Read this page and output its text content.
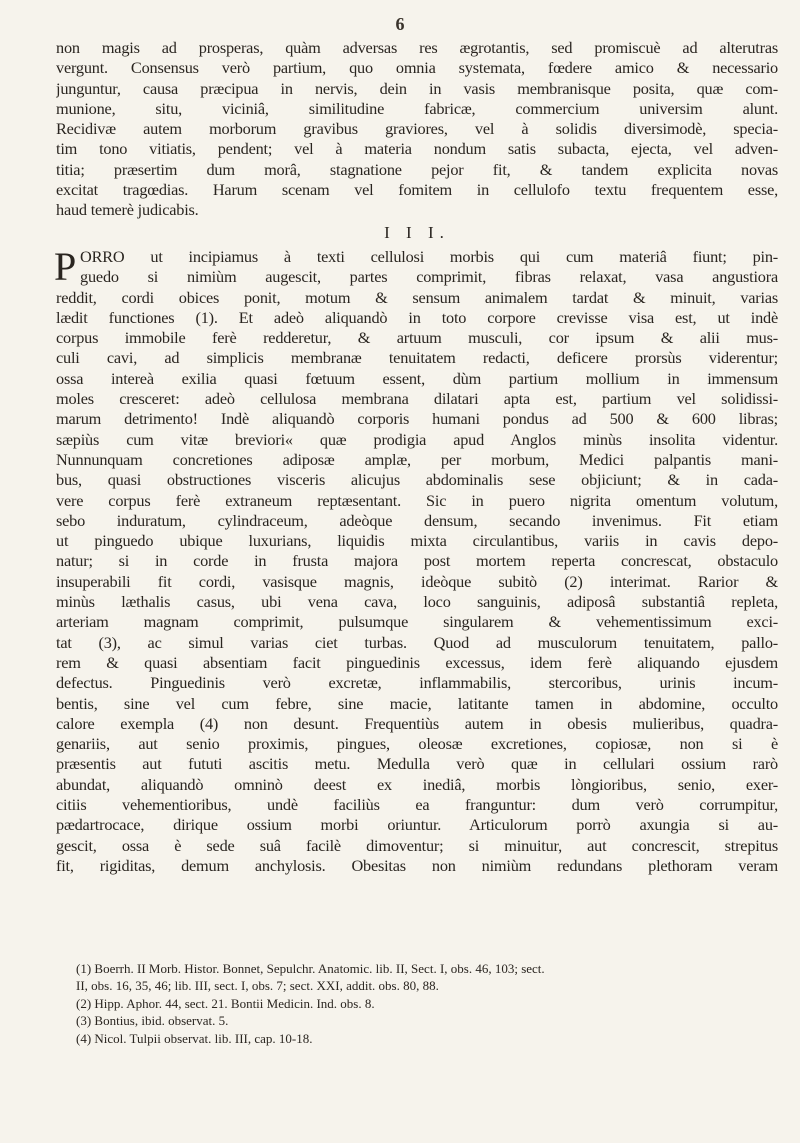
6
non magis ad prosperas, quàm adversas res ægrotantis, sed promiscuè ad alterutras
vergunt. Consensus verò partium, quo omnia systemata, fœdere amico & necessario
junguntur, causa præcipua in nervis, dein in vasis membranisque posita, quæ com-
munione, situ, viciniâ, similitudine fabricæ, commercium universim alunt.
Recidivæ autem morborum gravibus graviores, vel à solidis diversimodè, specia-
tim tono vitiatis, pendent; vel à materia nondum satis subacta, ejecta, vel adven-
titia; præsertim dum morâ, stagnatione pejor fit, & tandem explicita novas
excitat tragœdias. Harum scenam vel fomitem in cellulofo textu frequentem esse,
haud temerè judicabis.
I I I.
P ORRO ut incipiamus à texti cellulosi morbis qui cum materiâ fiunt; pin-
guedo si nimiùm augescit, partes comprimit, fibras relaxat, vasa angustiora
reddit, cordi obices ponit, motum & sensum animalem tardat & minuit, varias
lædit functiones (1). Et adeò aliquandò in toto corpore crevisse visa est, ut indè
corpus immobile ferè redderetur, & artuum musculi, cor ipsum & alii mus-
culi cavi, ad simplicis membranæ tenuitatem redacti, deficere prorsùs viderentur;
ossa intereà exilia quasi fœtuum essent, dùm partium mollium in immensum
moles cresceret: adeò cellulosa membrana dilatari apta est, partium vel solidissi-
marum detrimento! Indè aliquandò corporis humani pondus ad 500 & 600 libras;
sæpiùs cum vitæ breviori« quæ prodigia apud Anglos minùs insolita videntur.
Nunnunquam concretiones adiposæ amplæ, per morbum, Medici palpantis mani-
bus, quasi obstructiones visceris alicujus abdominalis sese objiciunt; & in cada-
vere corpus ferè extraneum reptæsentant. Sic in puero nigrita omentum volutum,
sebo induratum, cylindraceum, adeòque densum, secando invenimus. Fit etiam
ut pinguedo ubique luxurians, liquidis mixta circulantibus, variis in cavis depo-
natur; si in corde in frusta majora post mortem reperta concrescat, obstaculo
insuperabili fit cordi, vasisque magnis, ideòque subitò (2) interimat. Rarior &
minùs læthalis casus, ubi vena cava, loco sanguinis, adiposâ substantiâ repleta,
arteriam magnam comprimit, pulsumque singularem & vehementissimum exci-
tat (3), ac simul varias ciet turbas. Quod ad musculorum tenuitatem, pallo-
rem & quasi absentiam facit pinguedinis excessus, idem ferè aliquando ejusdem
defectus. Pinguedinis verò excretæ, inflammabilis, stercoribus, urinis incum-
bentis, sine vel cum febre, sine macie, latitante tamen in abdomine, occulto
calore exempla (4) non desunt. Frequentiùs autem in obesis mulieribus, quadra-
genariis, aut senio proximis, pingues, oleosæ excretiones, copiosæ, non si è
præsentis aut fututi ascitis metu. Medulla verò quæ in cellulari ossium rarò
abundat, aliquandò omninò deest ex inediâ, morbis lòngioribus, senio, exer-
citiis vehementioribus, undè faciliùs ea franguntur: dum verò corrumpitur,
pædartrocace, dirique ossium morbi oriuntur. Articulorum porrò axungia si au-
gescit, ossa è sede suâ facilè dimoventur; si minuitur, aut concrescit, strepitus
fit, rigiditas, demum anchylosis. Obesitas non nimiùm redundans plethoram veram
(1) Boerrh. II Morb. Histor. Bonnet, Sepulchr. Anatomic. lib. II, Sect. I, obs. 46, 103; sect.
II, obs. 16, 35, 46; lib. III, sect. I, obs. 7; sect. XXI, addit. obs. 80, 88.
(2) Hipp. Aphor. 44, sect. 21. Bontii Medicin. Ind. obs. 8.
(3) Bontius, ibid. observat. 5.
(4) Nicol. Tulpii observat. lib. III, cap. 10-18.
